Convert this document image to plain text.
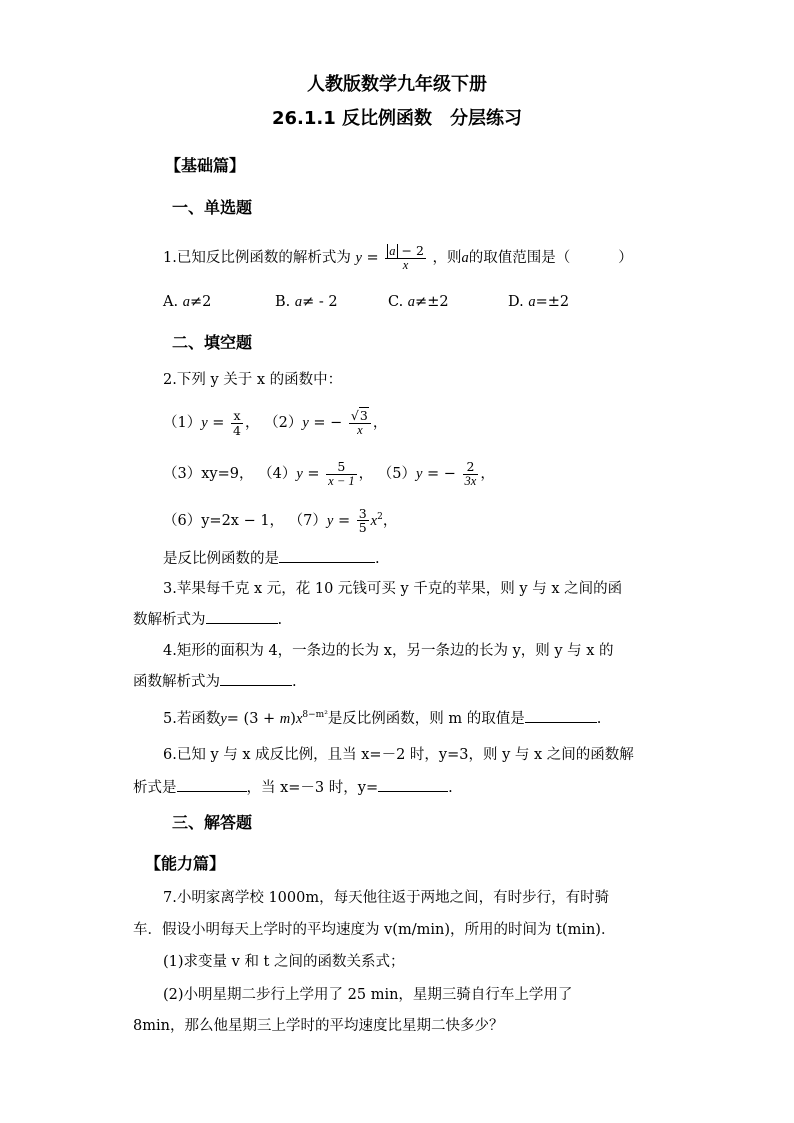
人教版数学九年级下册
26.1.1 反比例函数　分层练习
【基础篇】
一、单选题
1.已知反比例函数的解析式为 $y = \frac{a - 2}{x}$ ，则a的取值范围是（	）
A. a≠2	B. a≠ - 2	C. a≠±2	D. a=±2
二、填空题
2.下列 y 关于 x 的函数中：
$(1)y = \frac{x}{4}$ ， （2）y = − $\frac{√3}{x}$ ，
（3）xy=9， $(4)y = \frac{5}{x - 1}$ ， （5）y = − $\frac{2}{3x}$ ，
（6）y=2x − 1， $(7)y = \frac{3}{5} x^2$，
是反比例函数的是	.
3.苹果每千克 x 元，花 10 元钱可买 y 千克的苹果，则 y 与 x 之间的函
数解析式为	.
4.矩形的面积为 4，一条边的长为 x，另一条边的长为 y，则 y 与 x 的
函数解析式为	.
5.若函数$y= (3 + m)x^{8-m^2}$是反比例函数，则 m 的取值是	.
6.已知 y 与 x 成反比例，且当 x=－2 时，y=3，则 y 与 x 之间的函数解
析式是	，当 x=－3 时，y=	.
三、解答题
【能力篇】
7.小明家离学校 1000m，每天他往返于两地之间，有时步行，有时骑
车．假设小明每天上学时的平均速度为 v(m/min)，所用的时间为 t(min)．
(1)求变量 v 和 t 之间的函数关系式；
(2)小明星期二步行上学用了 25 min，星期三骑自行车上学用了
8min，那么他星期三上学时的平均速度比星期二快多少？
